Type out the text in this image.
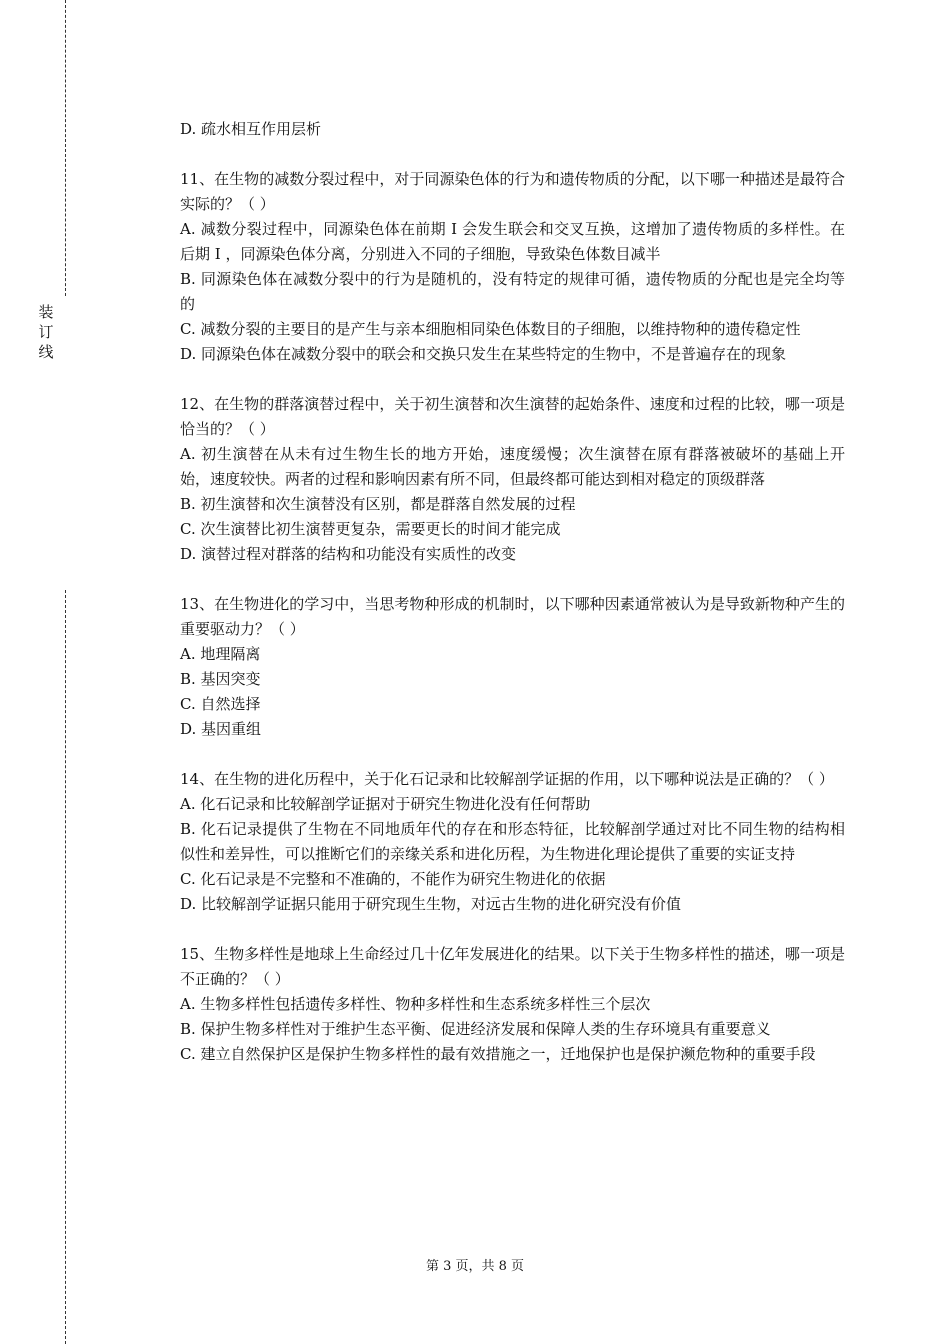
装
订
线

D. 疏水相互作用层析

11、在生物的减数分裂过程中，对于同源染色体的行为和遗传物质的分配，以下哪一种描述是最符合实际的？（ ）

A. 减数分裂过程中，同源染色体在前期 I 会发生联会和交叉互换，这增加了遗传物质的多样性。在后期 I ，同源染色体分离，分别进入不同的子细胞，导致染色体数目减半

B. 同源染色体在减数分裂中的行为是随机的，没有特定的规律可循，遗传物质的分配也是完全均等的

C. 减数分裂的主要目的是产生与亲本细胞相同染色体数目的子细胞，以维持物种的遗传稳定性

D. 同源染色体在减数分裂中的联会和交换只发生在某些特定的生物中，不是普遍存在的现象

12、在生物的群落演替过程中，关于初生演替和次生演替的起始条件、速度和过程的比较，哪一项是恰当的？（ ）

A. 初生演替在从未有过生物生长的地方开始，速度缓慢；次生演替在原有群落被破坏的基础上开始，速度较快。两者的过程和影响因素有所不同，但最终都可能达到相对稳定的顶级群落

B. 初生演替和次生演替没有区别，都是群落自然发展的过程

C. 次生演替比初生演替更复杂，需要更长的时间才能完成

D. 演替过程对群落的结构和功能没有实质性的改变

13、在生物进化的学习中，当思考物种形成的机制时，以下哪种因素通常被认为是导致新物种产生的重要驱动力？（ ）

A. 地理隔离

B. 基因突变

C. 自然选择

D. 基因重组

14、在生物的进化历程中，关于化石记录和比较解剖学证据的作用，以下哪种说法是正确的？（ ）

A. 化石记录和比较解剖学证据对于研究生物进化没有任何帮助

B. 化石记录提供了生物在不同地质年代的存在和形态特征，比较解剖学通过对比不同生物的结构相似性和差异性，可以推断它们的亲缘关系和进化历程，为生物进化理论提供了重要的实证支持

C. 化石记录是不完整和不准确的，不能作为研究生物进化的依据

D. 比较解剖学证据只能用于研究现生生物，对远古生物的进化研究没有价值

15、生物多样性是地球上生命经过几十亿年发展进化的结果。以下关于生物多样性的描述，哪一项是不正确的？（ ）

A. 生物多样性包括遗传多样性、物种多样性和生态系统多样性三个层次

B. 保护生物多样性对于维护生态平衡、促进经济发展和保障人类的生存环境具有重要意义

C. 建立自然保护区是保护生物多样性的最有效措施之一，迁地保护也是保护濒危物种的重要手段

第 3 页，共 8 页
